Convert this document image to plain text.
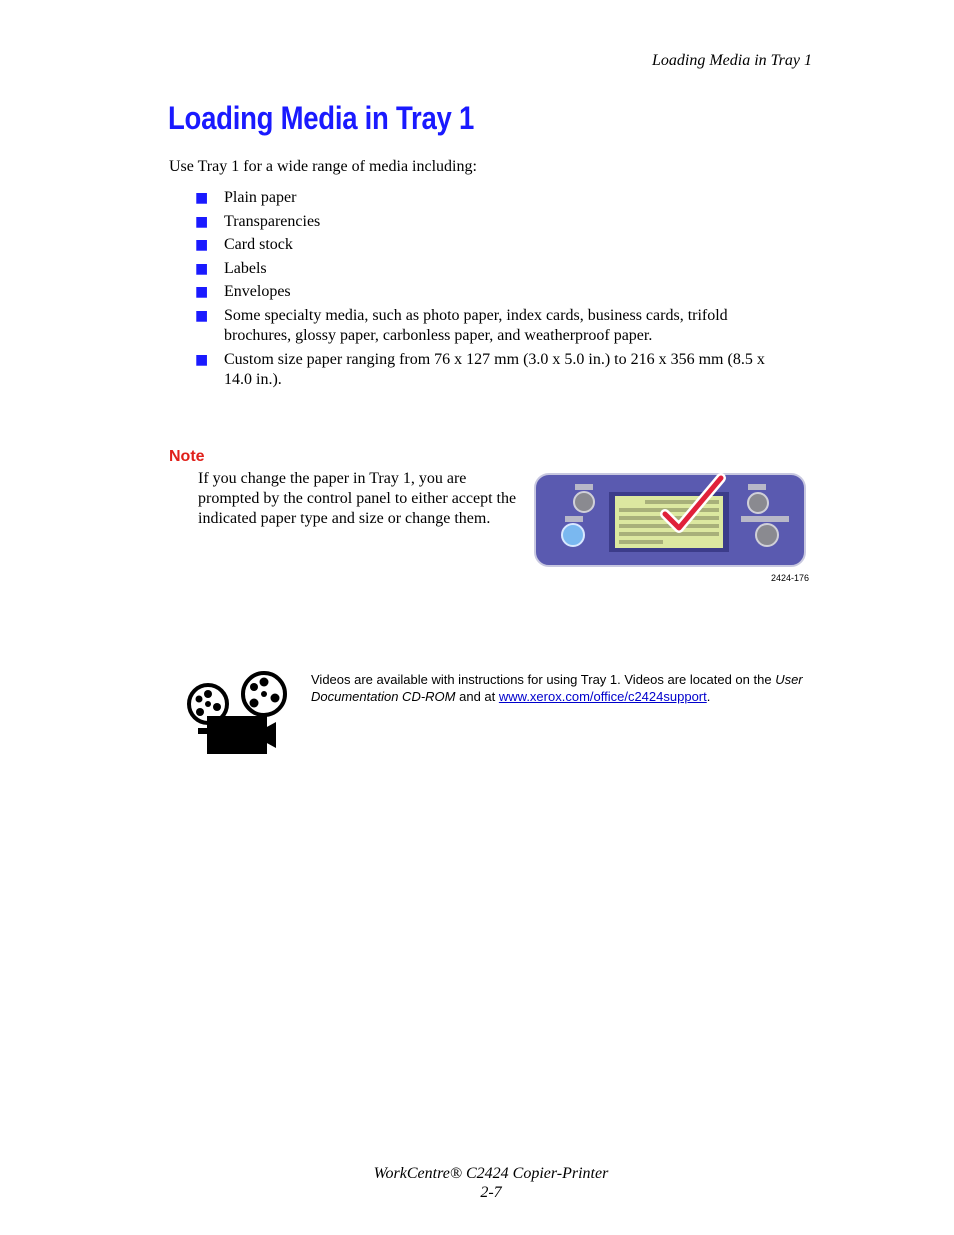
Loading Media in Tray 1
Loading Media in Tray 1
Use Tray 1 for a wide range of media including:
■ Plain paper
■ Transparencies
■ Card stock
■ Labels
■ Envelopes
■ Some specialty media, such as photo paper, index cards, business cards, trifold brochures, glossy paper, carbonless paper, and weatherproof paper.
■ Custom size paper ranging from 76 x 127 mm (3.0 x 5.0 in.) to 216 x 356 mm (8.5 x 14.0 in.).
Note
If you change the paper in Tray 1, you are prompted by the control panel to either accept the indicated paper type and size or change them.
2424-176
Videos are available with instructions for using Tray 1. Videos are located on the User Documentation CD-ROM and at www.xerox.com/office/c2424support.
WorkCentre® C2424 Copier-Printer
2-7
